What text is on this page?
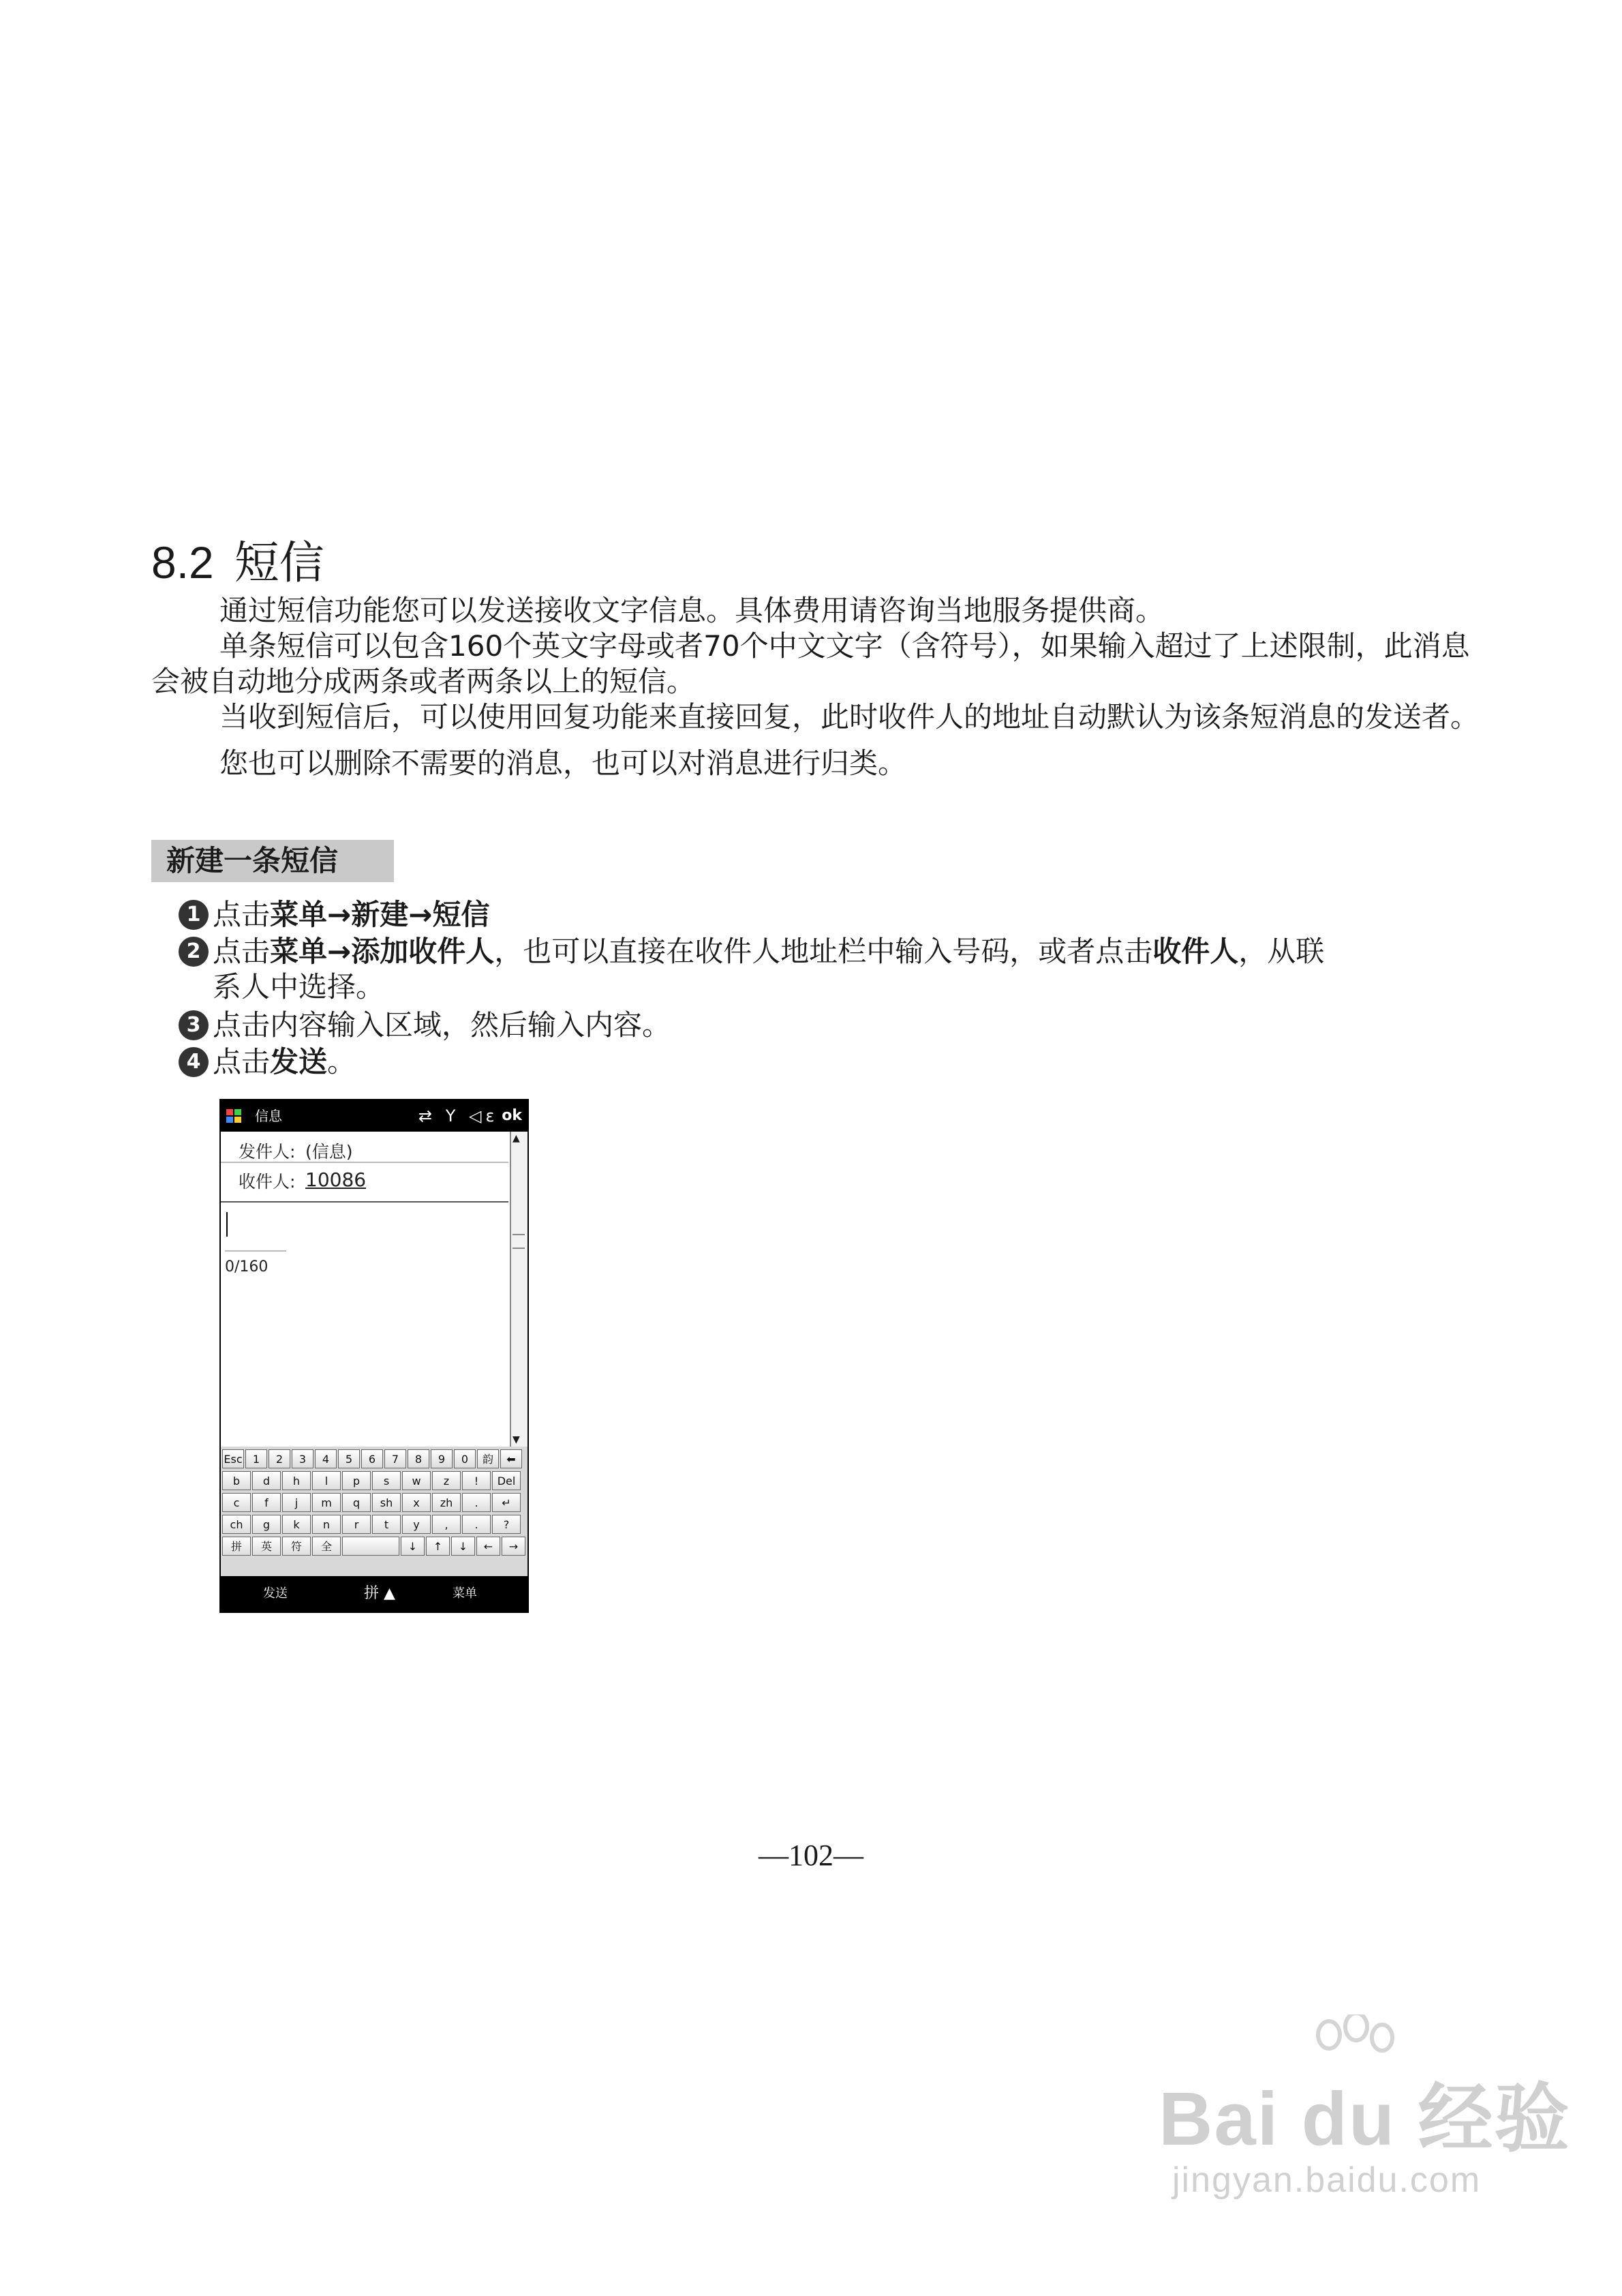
8.2 短信

通过短信功能您可以发送接收文字信息。具体费用请咨询当地服务提供商。

单条短信可以包含160个英文字母或者70个中文文字（含符号），如果输入超过了上述限制，此消息会被自动地分成两条或者两条以上的短信。

当收到短信后，可以使用回复功能来直接回复，此时收件人的地址自动默认为该条短消息的发送者。

您也可以删除不需要的消息，也可以对消息进行归类。

新建一条短信
1 点击菜单→新建→短信
2 点击菜单→添加收件人，也可以直接在收件人地址栏中输入号码，或者点击收件人，从联
系人中选择。
3 点击内容输入区域，然后输入内容。
4 点击发送。
信息	⇄ Y ◁ε ok
发件人: (信息)
收件人: 10086
0/160
▲
▼
Esc 1	2	3	4	5	6	7	8	9	0	韵	⬅
b	d	h	l	p	s	w	z	!	Del
c	f	j	m	q	sh	x	zh	.	↵
ch	g	k	n	r	t	y	,	.	?
拼	英	符	全	↓	↑	↓	←	→
发送	拼 ▲	菜单
—102—
Bai du 经验
jingyan.baidu.com
